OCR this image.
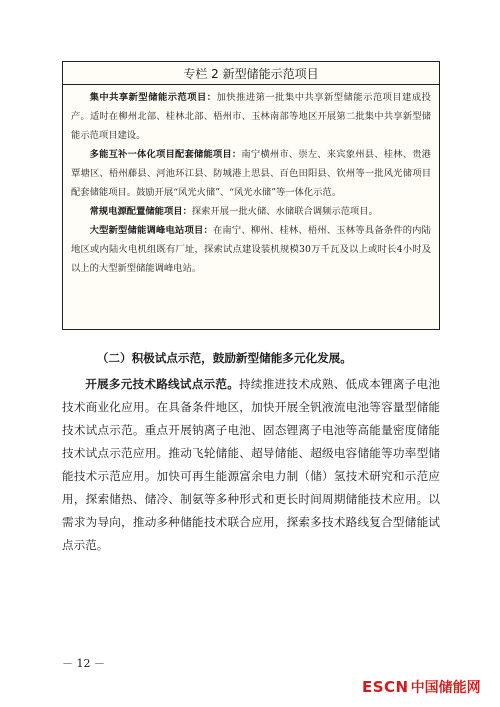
专栏 2 新型储能示范项目

集中共享新型储能示范项目：加快推进第一批集中共享新型储能示范项目建成投产。适时在柳州北部、桂林北部、梧州市、玉林南部等地区开展第二批集中共享新型储能示范项目建设。

多能互补一体化项目配套储能项目：南宁横州市、崇左、来宾象州县、桂林、贵港覃塘区、梧州藤县、河池环江县、防城港上思县、百色田阳县、钦州等一批风光储项目配套储能项目。鼓励开展“风光火储”、“风光水储”等一体化示范。

常规电源配置储能项目：探索开展一批火储、水储联合调频示范项目。

大型新型储能调峰电站项目：在南宁、柳州、桂林、梧州、玉林等具备条件的内陆地区或内陆火电机组既有厂址，探索试点建设装机规模30万千瓦及以上或时长4小时及以上的大型新型储能调峰电站。

（二）积极试点示范，鼓励新型储能多元化发展。

开展多元技术路线试点示范。持续推进技术成熟、低成本锂离子电池技术商业化应用。在具备条件地区，加快开展全钒液流电池等容量型储能技术试点示范。重点开展钠离子电池、固态锂离子电池等高能量密度储能技术试点示范应用。推动飞轮储能、超导储能、超级电容储能等功率型储能技术示范应用。加快可再生能源富余电力制（储）氢技术研究和示范应用，探索储热、储冷、制氨等多种形式和更长时间周期储能技术应用。以需求为导向，推动多种储能技术联合应用，探索多技术路线复合型储能试点示范。

－ 12 －
ESCN 中国储能网
